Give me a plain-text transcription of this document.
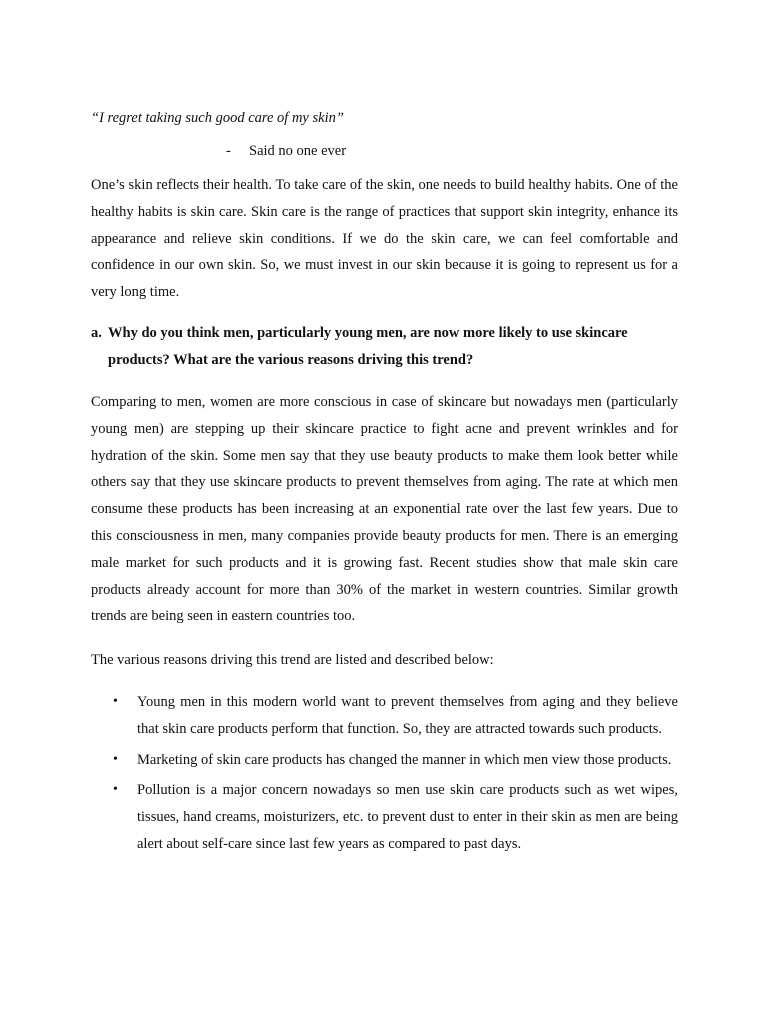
“I regret taking such good care of my skin”

- Said no one ever

One’s skin reflects their health. To take care of the skin, one needs to build healthy habits. One of the healthy habits is skin care. Skin care is the range of practices that support skin integrity, enhance its appearance and relieve skin conditions. If we do the skin care, we can feel comfortable and confidence in our own skin. So, we must invest in our skin because it is going to represent us for a very long time.

a. Why do you think men, particularly young men, are now more likely to use skincare
products? What are the various reasons driving this trend?

Comparing to men, women are more conscious in case of skincare but nowadays men (particularly young men) are stepping up their skincare practice to fight acne and prevent wrinkles and for hydration of the skin. Some men say that they use beauty products to make them look better while others say that they use skincare products to prevent themselves from aging. The rate at which men consume these products has been increasing at an exponential rate over the last few years. Due to this consciousness in men, many companies provide beauty products for men. There is an emerging male market for such products and it is growing fast. Recent studies show that male skin care products already account for more than 30% of the market in western countries. Similar growth trends are being seen in eastern countries too.

The various reasons driving this trend are listed and described below:

• Young men in this modern world want to prevent themselves from aging and they believe that skin care products perform that function. So, they are attracted towards such products.
• Marketing of skin care products has changed the manner in which men view those products.
• Pollution is a major concern nowadays so men use skin care products such as wet wipes, tissues, hand creams, moisturizers, etc. to prevent dust to enter in their skin as men are being alert about self-care since last few years as compared to past days.
